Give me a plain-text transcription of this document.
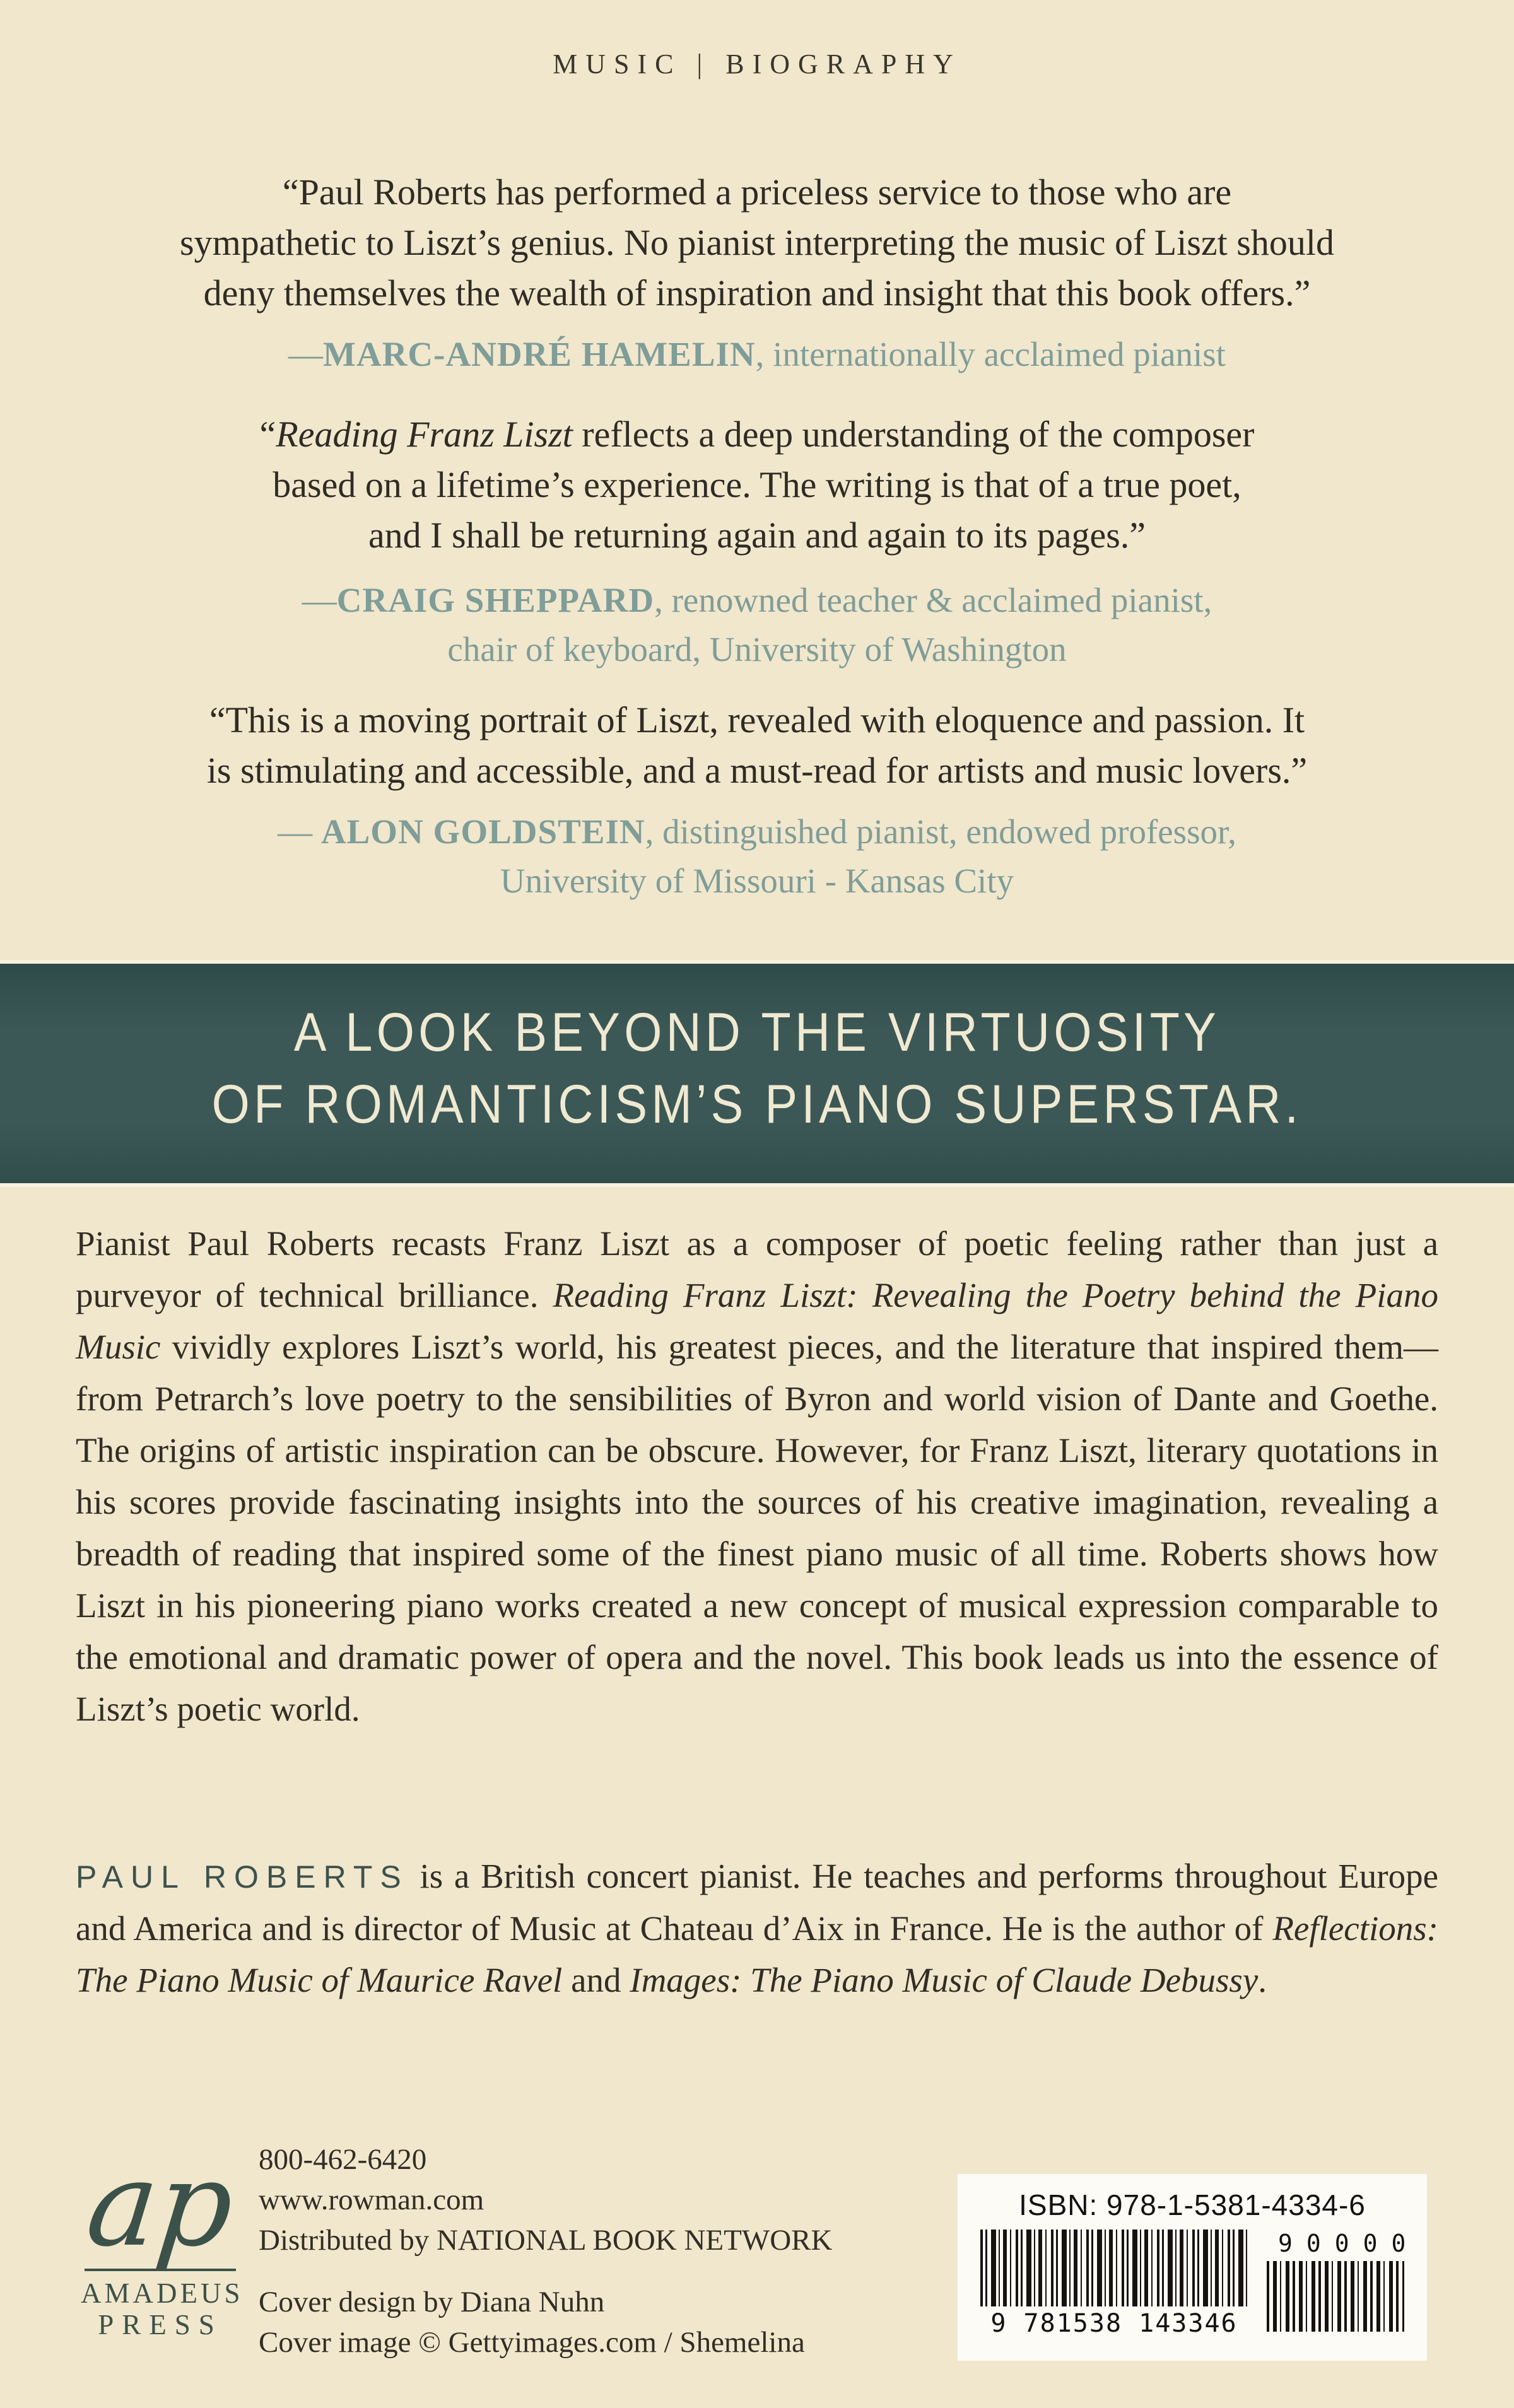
MUSIC | BIOGRAPHY
“Paul Roberts has performed a priceless service to those who are
sympathetic to Liszt’s genius. No pianist interpreting the music of Liszt should
deny themselves the wealth of inspiration and insight that this book offers.”
—MARC-ANDRÉ HAMELIN, internationally acclaimed pianist
“Reading Franz Liszt reflects a deep understanding of the composer
based on a lifetime’s experience. The writing is that of a true poet,
and I shall be returning again and again to its pages.”
—CRAIG SHEPPARD, renowned teacher & acclaimed pianist,
chair of keyboard, University of Washington
“This is a moving portrait of Liszt, revealed with eloquence and passion. It
is stimulating and accessible, and a must-read for artists and music lovers.”
— ALON GOLDSTEIN, distinguished pianist, endowed professor,
University of Missouri - Kansas City
A LOOK BEYOND THE VIRTUOSITY
OF ROMANTICISM’S PIANO SUPERSTAR.

Pianist Paul Roberts recasts Franz Liszt as a composer of poetic feeling rather than just a purveyor of technical brilliance. Reading Franz Liszt: Revealing the Poetry behind the Piano Music vividly explores Liszt’s world, his greatest pieces, and the literature that inspired them—from Petrarch’s love poetry to the sensibilities of Byron and world vision of Dante and Goethe. The origins of artistic inspiration can be obscure. However, for Franz Liszt, literary quotations in his scores provide fascinating insights into the sources of his creative imagination, revealing a breadth of reading that inspired some of the finest piano music of all time. Roberts shows how Liszt in his pioneering piano works created a new concept of musical expression comparable to the emotional and dramatic power of opera and the novel. This book leads us into the essence of Liszt’s poetic world.

PAUL ROBERTS is a British concert pianist. He teaches and performs throughout Europe and America and is director of Music at Chateau d’Aix in France. He is the author of Reflections: The Piano Music of Maurice Ravel and Images: The Piano Music of Claude Debussy.

ap
AMADEUS
PRESS
800-462-6420
www.rowman.com
Distributed by NATIONAL BOOK NETWORK
Cover design by Diana Nuhn
Cover image © Gettyimages.com / Shemelina
ISBN: 978-1-5381-4334-6
9 781538 143346
90000
